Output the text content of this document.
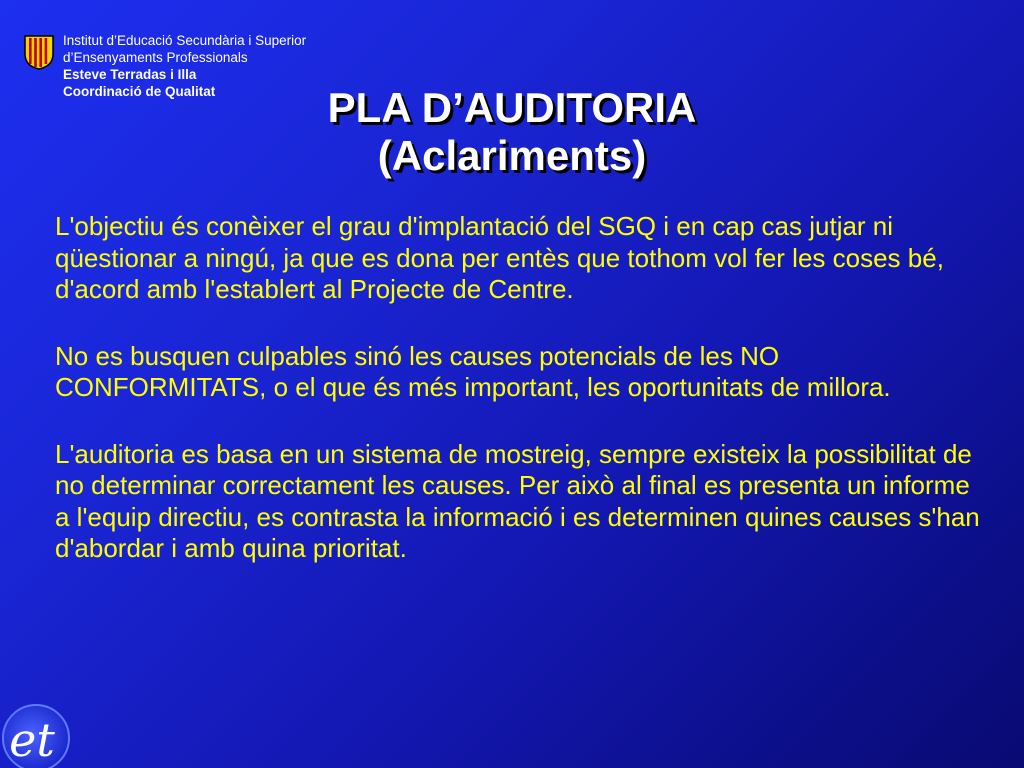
Institut d’Educació Secundària i Superior
d’Ensenyaments Professionals
Esteve Terradas i Illa
Coordinació de Qualitat	PLA D’AUDITORIA
(Aclariments)

L'objectiu és conèixer el grau d'implantació del SGQ i en cap cas jutjar ni qüestionar a ningú, ja que es dona per entès que tothom vol fer les coses bé, d'acord amb l'establert al Projecte de Centre.

No es busquen culpables sinó les causes potencials de les NO CONFORMITATS, o el que és més important, les oportunitats de millora.

L'auditoria es basa en un sistema de mostreig, sempre existeix la possibilitat de no determinar correctament les causes. Per això al final es presenta un informe a l'equip directiu, es contrasta la informació i es determinen quines causes s'han d'abordar i amb quina prioritat.

et
